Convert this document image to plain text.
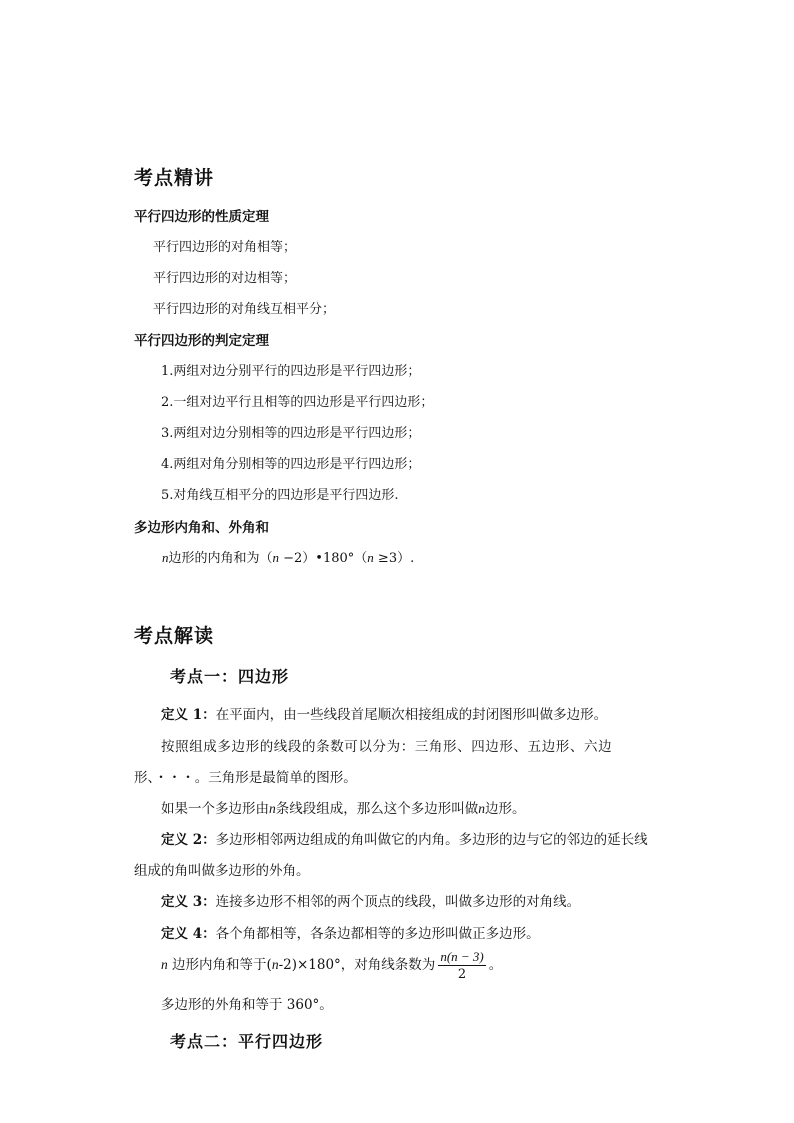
考点精讲
平行四边形的性质定理
平行四边形的对角相等；
平行四边形的对边相等；
平行四边形的对角线互相平分；
平行四边形的判定定理
1.两组对边分别平行的四边形是平行四边形；
2.一组对边平行且相等的四边形是平行四边形；
3.两组对边分别相等的四边形是平行四边形；
4.两组对角分别相等的四边形是平行四边形；
5.对角线互相平分的四边形是平行四边形.
多边形内角和、外角和
n边形的内角和为（n −2）•180°（n ≥3）.
考点解读
考点一：四边形
定义 1：在平面内，由一些线段首尾顺次相接组成的封闭图形叫做多边形。
按照组成多边形的线段的条数可以分为：三角形、四边形、五边形、六边
形、・・・。三角形是最简单的图形。
如果一个多边形由n条线段组成，那么这个多边形叫做n边形。
定义 2：多边形相邻两边组成的角叫做它的内角。多边形的边与它的邻边的延长线
组成的角叫做多边形的外角。
定义 3：连接多边形不相邻的两个顶点的线段，叫做多边形的对角线。
定义 4：各个角都相等，各条边都相等的多边形叫做正多边形。
n 边形内角和等于(n-2)×180°，对角线条数为 $\frac{n(n - 3)}{2}$ 。
多边形的外角和等于 360°。
考点二：平行四边形
